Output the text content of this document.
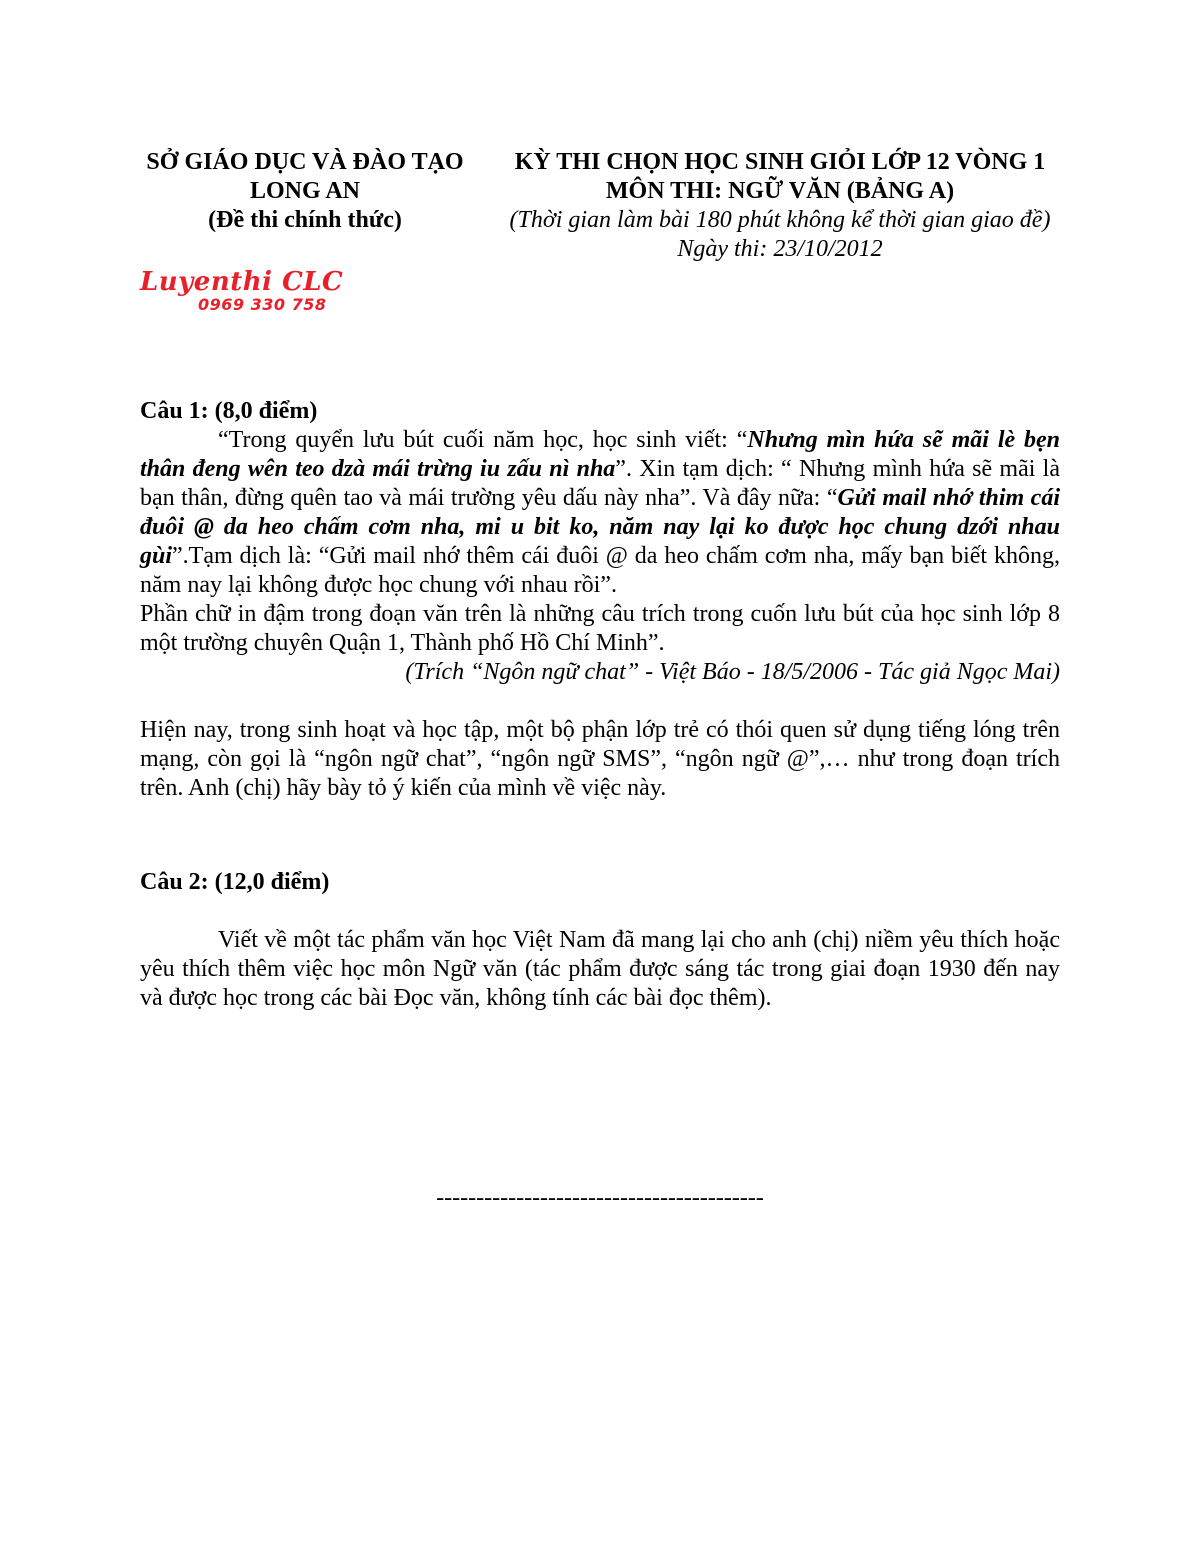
SỞ GIÁO DỤC VÀ ĐÀO TẠO
LONG AN
(Đề thi chính thức)
KỲ THI CHỌN HỌC SINH GIỎI LỚP 12 VÒNG 1
MÔN THI: NGỮ VĂN (BẢNG A)
(Thời gian làm bài 180 phút không kể thời gian giao đề)
Ngày thi: 23/10/2012
Luyenthi CLC
0969 330 758
Câu 1: (8,0 điểm)
“Trong quyển lưu bút cuối năm học, học sinh viết: “Nhưng mìn hứa sẽ mãi lè bẹn thân đeng wên teo dzà mái trừng iu zấu nì nha”. Xin tạm dịch: “ Nhưng mình hứa sẽ mãi là bạn thân, đừng quên tao và mái trường yêu dấu này nha”. Và đây nữa: “Gửi mail nhớ thim cái đuôi @ da heo chấm cơm nha, mi u bit ko, năm nay lại ko được học chung dzới nhau gùi”.Tạm dịch là: “Gửi mail nhớ thêm cái đuôi @ da heo chấm cơm nha, mấy bạn biết không, năm nay lại không được học chung với nhau rồi”.
Phần chữ in đậm trong đoạn văn trên là những câu trích trong cuốn lưu bút của học sinh lớp 8 một trường chuyên Quận 1, Thành phố Hồ Chí Minh”.
(Trích “Ngôn ngữ chat” - Việt Báo - 18/5/2006 - Tác giả Ngọc Mai)
Hiện nay, trong sinh hoạt và học tập, một bộ phận lớp trẻ có thói quen sử dụng tiếng lóng trên mạng, còn gọi là “ngôn ngữ chat”, “ngôn ngữ SMS”, “ngôn ngữ @”,… như trong đoạn trích trên. Anh (chị) hãy bày tỏ ý kiến của mình về việc này.
Câu 2: (12,0 điểm)
Viết về một tác phẩm văn học Việt Nam đã mang lại cho anh (chị) niềm yêu thích hoặc yêu thích thêm việc học môn Ngữ văn (tác phẩm được sáng tác trong giai đoạn 1930 đến nay và được học trong các bài Đọc văn, không tính các bài đọc thêm).
-----------------------------------------
